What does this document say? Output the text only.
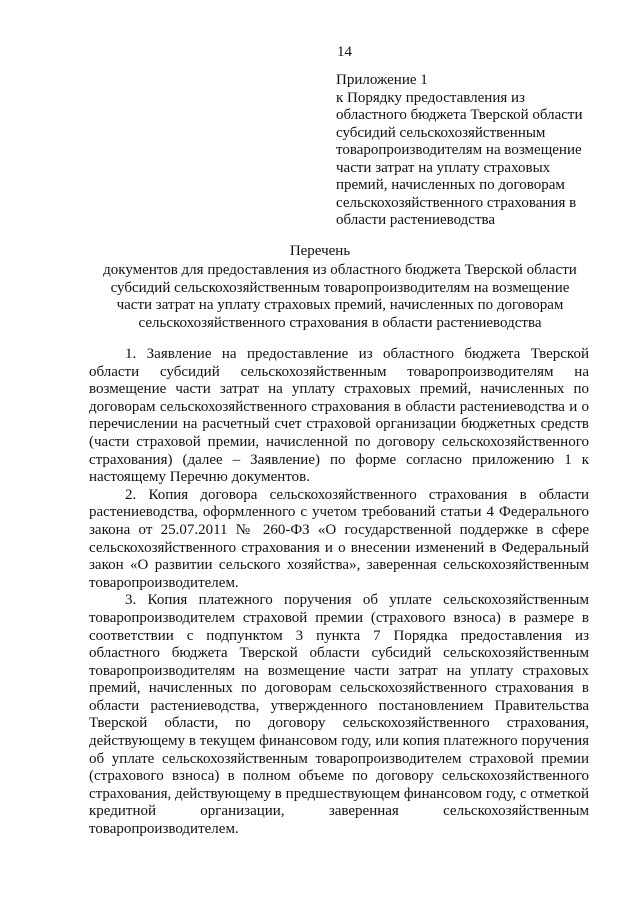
14
Приложение 1
к Порядку предоставления из
областного бюджета Тверской области
субсидий сельскохозяйственным
товаропроизводителям на возмещение
части затрат на уплату страховых
премий, начисленных по договорам
сельскохозяйственного страхования в
области растениеводства
Перечень
документов для предоставления из областного бюджета Тверской области
субсидий сельскохозяйственным товаропроизводителям на возмещение
части затрат на уплату страховых премий, начисленных по договорам
сельскохозяйственного страхования в области растениеводства

1. Заявление на предоставление из областного бюджета Тверской области субсидий сельскохозяйственным товаропроизводителям на возмещение части затрат на уплату страховых премий, начисленных по договорам сельскохозяйственного страхования в области растениеводства и о перечислении на расчетный счет страховой организации бюджетных средств (части страховой премии, начисленной по договору сельскохозяйственного страхования) (далее – Заявление) по форме согласно приложению 1 к настоящему Перечню документов.

2. Копия договора сельскохозяйственного страхования в области растениеводства, оформленного с учетом требований статьи 4 Федерального закона от 25.07.2011 № 260-ФЗ «О государственной поддержке в сфере сельскохозяйственного страхования и о внесении изменений в Федеральный закон «О развитии сельского хозяйства», заверенная сельскохозяйственным товаропроизводителем.

3. Копия платежного поручения об уплате сельскохозяйственным товаропроизводителем страховой премии (страхового взноса) в размере в соответствии с подпунктом 3 пункта 7 Порядка предоставления из областного бюджета Тверской области субсидий сельскохозяйственным товаропроизводителям на возмещение части затрат на уплату страховых премий, начисленных по договорам сельскохозяйственного страхования в области растениеводства, утвержденного постановлением Правительства Тверской области, по договору сельскохозяйственного страхования, действующему в текущем финансовом году, или копия платежного поручения об уплате сельскохозяйственным товаропроизводителем страховой премии (страхового взноса) в полном объеме по договору сельскохозяйственного страхования, действующему в предшествующем финансовом году, с отметкой кредитной организации, заверенная сельскохозяйственным товаропроизводителем.
